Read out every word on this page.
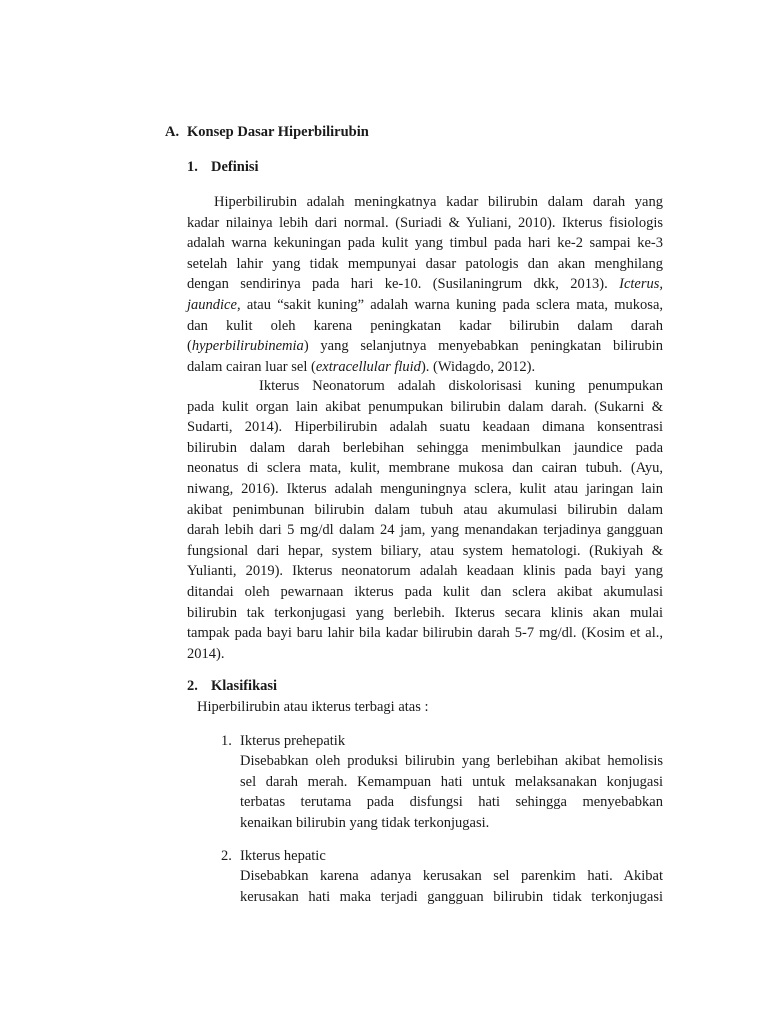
A. Konsep Dasar Hiperbilirubin
1. Definisi
Hiperbilirubin adalah meningkatnya kadar bilirubin dalam darah yang
kadar nilainya lebih dari normal. (Suriadi & Yuliani, 2010). Ikterus fisiologis
adalah warna kekuningan pada kulit yang timbul pada hari ke-2 sampai ke-3
setelah lahir yang tidak mempunyai dasar patologis dan akan menghilang
dengan sendirinya pada hari ke-10. (Susilaningrum dkk, 2013). Icterus,
jaundice, atau “sakit kuning” adalah warna kuning pada sclera mata, mukosa,
dan kulit oleh karena peningkatan kadar bilirubin dalam darah
(hyperbilirubinemia) yang selanjutnya menyebabkan peningkatan bilirubin
dalam cairan luar sel (extracellular fluid). (Widagdo, 2012).
Ikterus Neonatorum adalah diskolorisasi kuning penumpukan
pada kulit organ lain akibat penumpukan bilirubin dalam darah. (Sukarni &
Sudarti, 2014). Hiperbilirubin adalah suatu keadaan dimana konsentrasi
bilirubin dalam darah berlebihan sehingga menimbulkan jaundice pada
neonatus di sclera mata, kulit, membrane mukosa dan cairan tubuh. (Ayu,
niwang, 2016). Ikterus adalah menguningnya sclera, kulit atau jaringan lain
akibat penimbunan bilirubin dalam tubuh atau akumulasi bilirubin dalam
darah lebih dari 5 mg/dl dalam 24 jam, yang menandakan terjadinya gangguan
fungsional dari hepar, system biliary, atau system hematologi. (Rukiyah &
Yulianti, 2019). Ikterus neonatorum adalah keadaan klinis pada bayi yang
ditandai oleh pewarnaan ikterus pada kulit dan sclera akibat akumulasi
bilirubin tak terkonjugasi yang berlebih. Ikterus secara klinis akan mulai
tampak pada bayi baru lahir bila kadar bilirubin darah 5-7 mg/dl. (Kosim et al.,
2014).
2. Klasifikasi
Hiperbilirubin atau ikterus terbagi atas :
1. Ikterus prehepatik
Disebabkan oleh produksi bilirubin yang berlebihan akibat hemolisis
sel darah merah. Kemampuan hati untuk melaksanakan konjugasi
terbatas terutama pada disfungsi hati sehingga menyebabkan
kenaikan bilirubin yang tidak terkonjugasi.
2. Ikterus hepatic
Disebabkan karena adanya kerusakan sel parenkim hati. Akibat
kerusakan hati maka terjadi gangguan bilirubin tidak terkonjugasi
